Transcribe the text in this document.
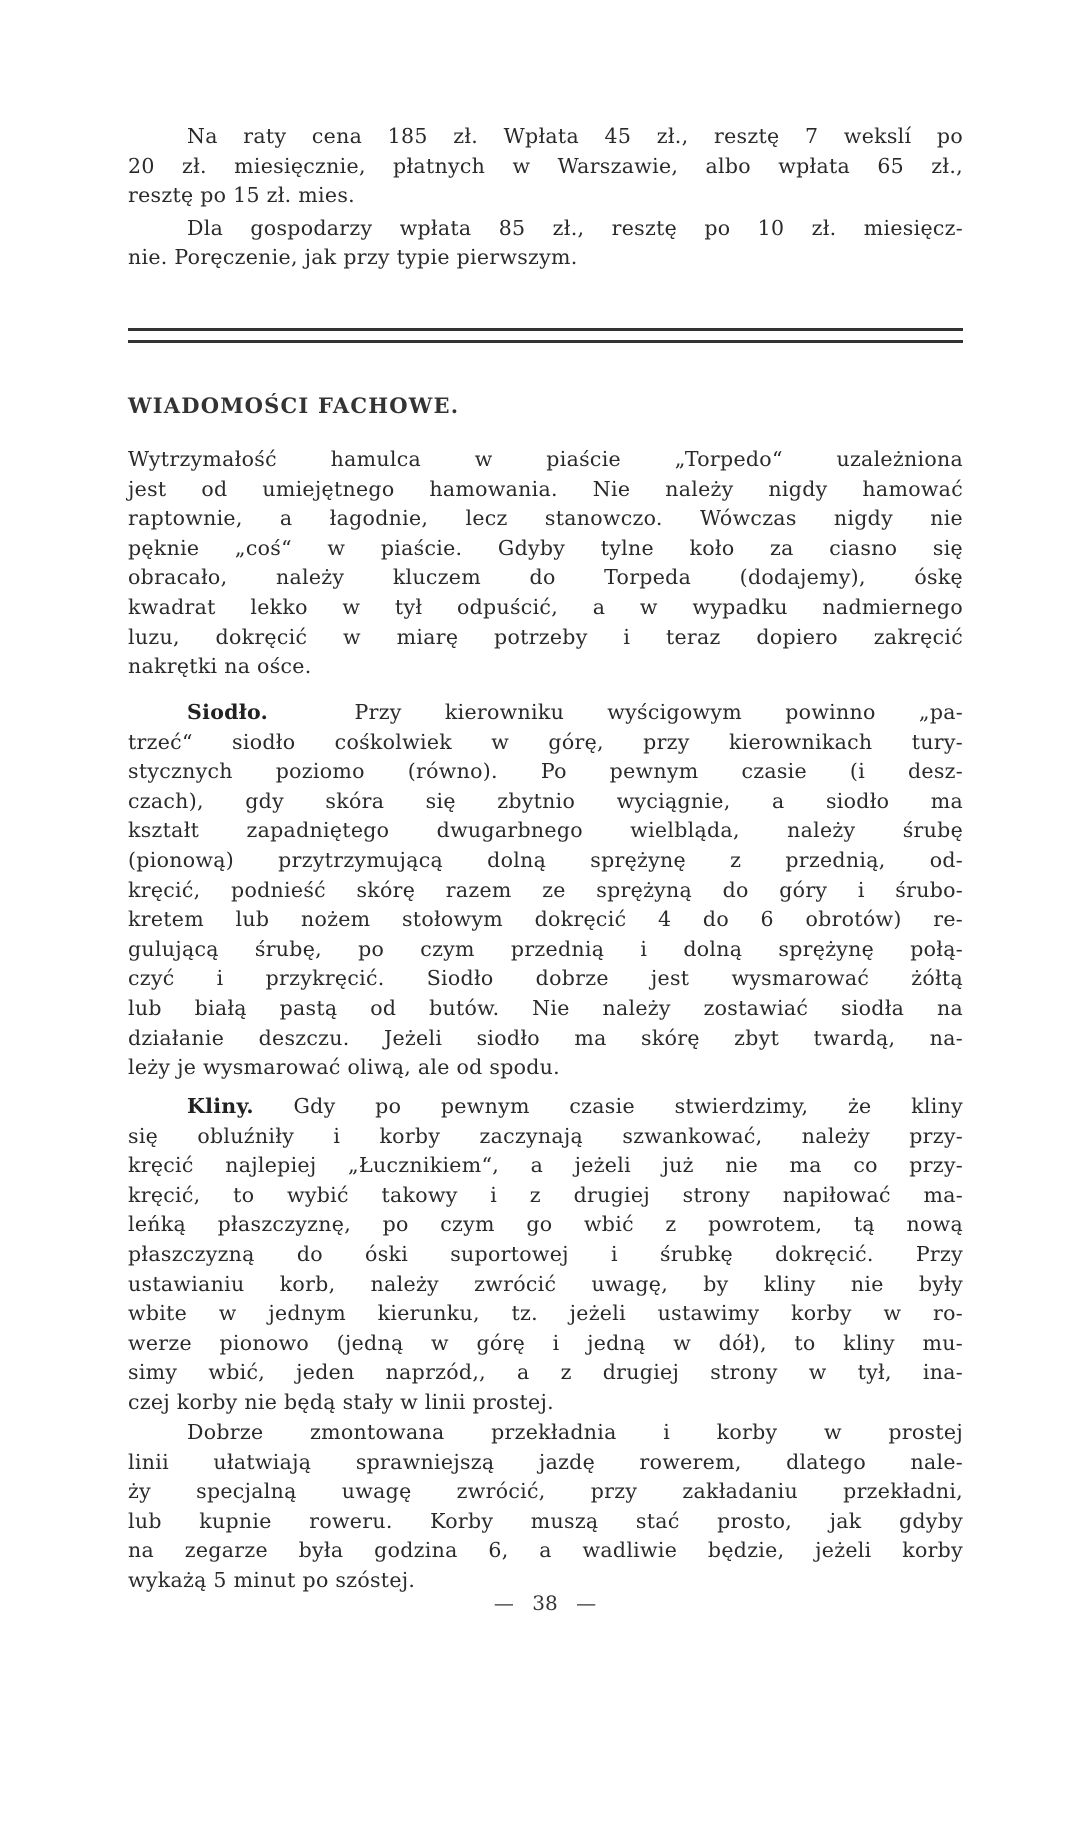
Na raty cena 185 zł. Wpłata 45 zł., resztę 7 wekslí po
20 zł. miesięcznie, płatnych w Warszawie, albo wpłata 65 zł.,
resztę po 15 zł. mies.
Dla gospodarzy wpłata 85 zł., resztę po 10 zł. miesięcz-
nie. Poręczenie, jak przy typie pierwszym.
WIADOMOŚCI FACHOWE.
Wytrzymałość hamulca w piaście „Torpedo“ uzależniona
jest od umiejętnego hamowania. Nie należy nigdy hamować
raptownie, a łagodnie, lecz stanowczo. Wówczas nigdy nie
pęknie „coś“ w piaście. Gdyby tylne koło za ciasno się
obracało, należy kluczem do Torpeda (dodajemy), óskę
kwadrat lekko w tył odpuścić, a w wypadku nadmiernego
luzu, dokręcić w miarę potrzeby i teraz dopiero zakręcić
nakrętki na ośce.
Siodło.	Przy kierowniku wyścigowym powinno „pa-
trzeć“ siodło cośkolwiek w górę, przy kierownikach tury-
stycznych poziomo (równo). Po pewnym czasie (i desz-
czach), gdy skóra się zbytnio wyciągnie, a siodło ma
kształt zapadniętego dwugarbnego wielbląda, należy śrubę
(pionową) przytrzymującą dolną sprężynę z przednią, od-
kręcić, podnieść skórę razem ze sprężyną do góry i śrubo-
kretem lub nożem stołowym dokręcić 4 do 6 obrotów) re-
gulującą śrubę, po czym przednią i dolną sprężynę połą-
czyć i przykręcić. Siodło dobrze jest wysmarować żółtą
lub białą pastą od butów. Nie należy zostawiać siodła na
działanie deszczu. Jeżeli siodło ma skórę zbyt twardą, na-
leży je wysmarować oliwą, ale od spodu.
Kliny. Gdy po pewnym czasie stwierdzimy, że kliny
się obluźniły i korby zaczynają szwankować, należy przy-
kręcić najlepiej „Łucznikiem“, a jeżeli już nie ma co przy-
kręcić, to wybić takowy i z drugiej strony napiłować ma-
leńką płaszczyznę, po czym go wbić z powrotem, tą nową
płaszczyzną do óski suportowej i śrubkę dokręcić. Przy
ustawianiu korb, należy zwrócić uwagę, by kliny nie były
wbite w jednym kierunku, tz. jeżeli ustawimy korby w ro-
werze pionowo (jedną w górę i jedną w dół), to kliny mu-
simy wbić, jeden naprzód,, a z drugiej strony w tył, ina-
czej korby nie będą stały w linii prostej.
Dobrze zmontowana przekładnia i korby w prostej
linii ułatwiają sprawniejszą jazdę rowerem, dlatego nale-
ży specjalną uwagę zwrócić, przy zakładaniu przekładni,
lub kupnie roweru. Korby muszą stać prosto, jak gdyby
na zegarze była godzina 6, a wadliwie będzie, jeżeli korby
wykażą 5 minut po szóstej.
— 38 —
